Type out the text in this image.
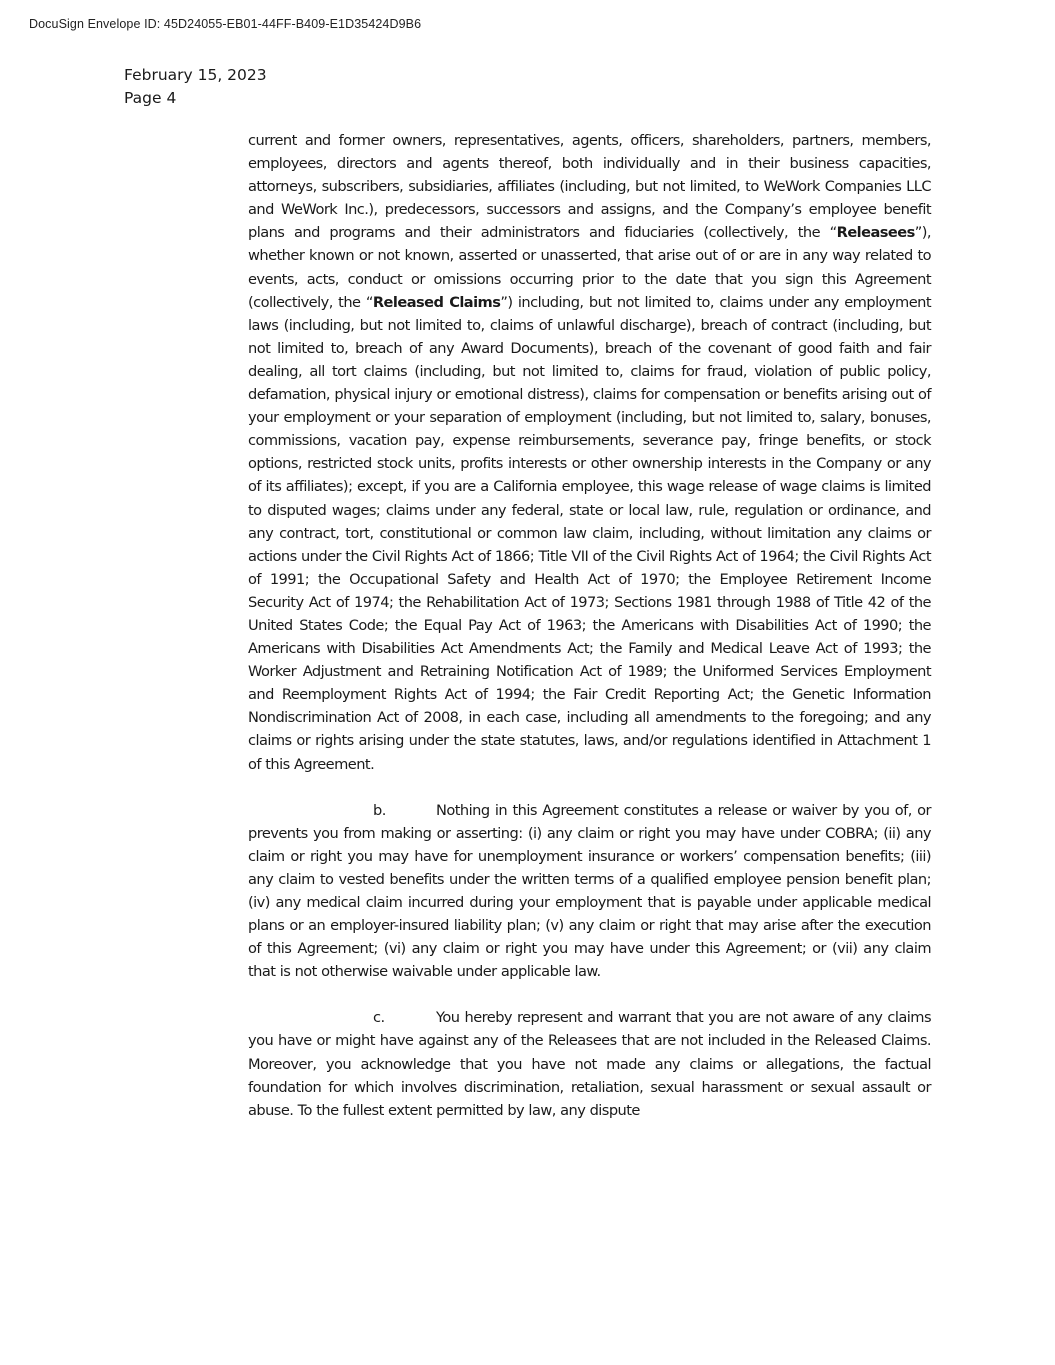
DocuSign Envelope ID: 45D24055-EB01-44FF-B409-E1D35424D9B6
February 15, 2023
Page 4

current and former owners, representatives, agents, officers, shareholders, partners, members, employees, directors and agents thereof, both individually and in their business capacities, attorneys, subscribers, subsidiaries, affiliates (including, but not limited, to WeWork Companies LLC and WeWork Inc.), predecessors, successors and assigns, and the Company’s employee benefit plans and programs and their administrators and fiduciaries (collectively, the “Releasees”), whether known or not known, asserted or unasserted, that arise out of or are in any way related to events, acts, conduct or omissions occurring prior to the date that you sign this Agreement (collectively, the “Released Claims”) including, but not limited to, claims under any employment laws (including, but not limited to, claims of unlawful discharge), breach of contract (including, but not limited to, breach of any Award Documents), breach of the covenant of good faith and fair dealing, all tort claims (including, but not limited to, claims for fraud, violation of public policy, defamation, physical injury or emotional distress), claims for compensation or benefits arising out of your employment or your separation of employment (including, but not limited to, salary, bonuses, commissions, vacation pay, expense reimbursements, severance pay, fringe benefits, or stock options, restricted stock units, profits interests or other ownership interests in the Company or any of its affiliates); except, if you are a California employee, this wage release of wage claims is limited to disputed wages; claims under any federal, state or local law, rule, regulation or ordinance, and any contract, tort, constitutional or common law claim, including, without limitation any claims or actions under the Civil Rights Act of 1866; Title VII of the Civil Rights Act of 1964; the Civil Rights Act of 1991; the Occupational Safety and Health Act of 1970; the Employee Retirement Income Security Act of 1974; the Rehabilitation Act of 1973; Sections 1981 through 1988 of Title 42 of the United States Code; the Equal Pay Act of 1963; the Americans with Disabilities Act of 1990; the Americans with Disabilities Act Amendments Act; the Family and Medical Leave Act of 1993; the Worker Adjustment and Retraining Notification Act of 1989; the Uniformed Services Employment and Reemployment Rights Act of 1994; the Fair Credit Reporting Act; the Genetic Information Nondiscrimination Act of 2008, in each case, including all amendments to the foregoing; and any claims or rights arising under the state statutes, laws, and/or regulations identified in Attachment 1 of this Agreement.

b.	Nothing in this Agreement constitutes a release or waiver by you of, or prevents you from making or asserting: (i) any claim or right you may have under COBRA; (ii) any claim or right you may have for unemployment insurance or workers’ compensation benefits; (iii) any claim to vested benefits under the written terms of a qualified employee pension benefit plan; (iv) any medical claim incurred during your employment that is payable under applicable medical plans or an employer-insured liability plan; (v) any claim or right that may arise after the execution of this Agreement; (vi) any claim or right you may have under this Agreement; or (vii) any claim that is not otherwise waivable under applicable law.

c.	You hereby represent and warrant that you are not aware of any claims you have or might have against any of the Releasees that are not included in the Released Claims. Moreover, you acknowledge that you have not made any claims or allegations, the factual foundation for which involves discrimination, retaliation, sexual harassment or sexual assault or abuse. To the fullest extent permitted by law, any dispute
